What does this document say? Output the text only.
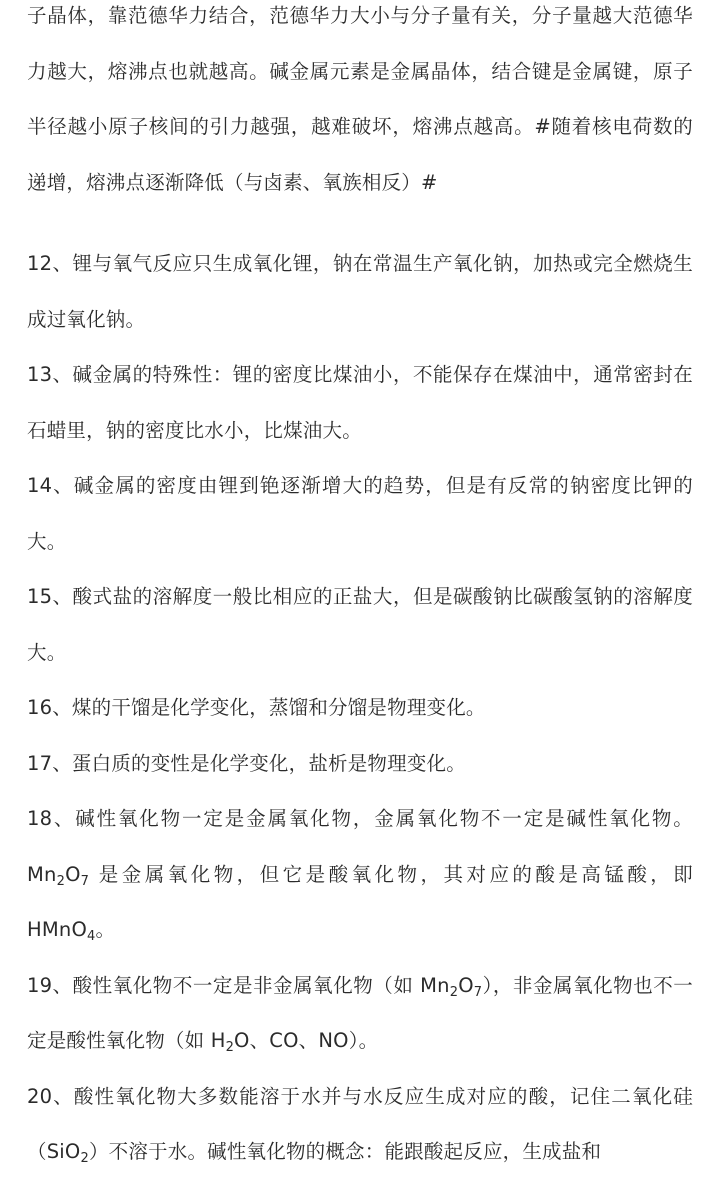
子晶体，靠范德华力结合，范德华力大小与分子量有关，分子量越大范德华力越大，熔沸点也就越高。碱金属元素是金属晶体，结合键是金属键，原子半径越小原子核间的引力越强，越难破坏，熔沸点越高。#随着核电荷数的递增，熔沸点逐渐降低（与卤素、氧族相反）#

12、锂与氧气反应只生成氧化锂，钠在常温生产氧化钠，加热或完全燃烧生成过氧化钠。

13、碱金属的特殊性：锂的密度比煤油小，不能保存在煤油中，通常密封在石蜡里，钠的密度比水小，比煤油大。

14、碱金属的密度由锂到铯逐渐增大的趋势，但是有反常的钠密度比钾的大。

15、酸式盐的溶解度一般比相应的正盐大，但是碳酸钠比碳酸氢钠的溶解度大。

16、煤的干馏是化学变化，蒸馏和分馏是物理变化。

17、蛋白质的变性是化学变化，盐析是物理变化。

18、碱性氧化物一定是金属氧化物，金属氧化物不一定是碱性氧化物。$Mn_2O_7$ 是金属氧化物，但它是酸氧化物，其对应的酸是高锰酸，即 HMnO$_4$。

19、酸性氧化物不一定是非金属氧化物（如 $Mn_2O_7$），非金属氧化物也不一定是酸性氧化物（如 $H_2O$、CO、NO）。

20、酸性氧化物大多数能溶于水并与水反应生成对应的酸，记住二氧化硅（SiO$_2$）不溶于水。碱性氧化物的概念：能跟酸起反应，生成盐和
